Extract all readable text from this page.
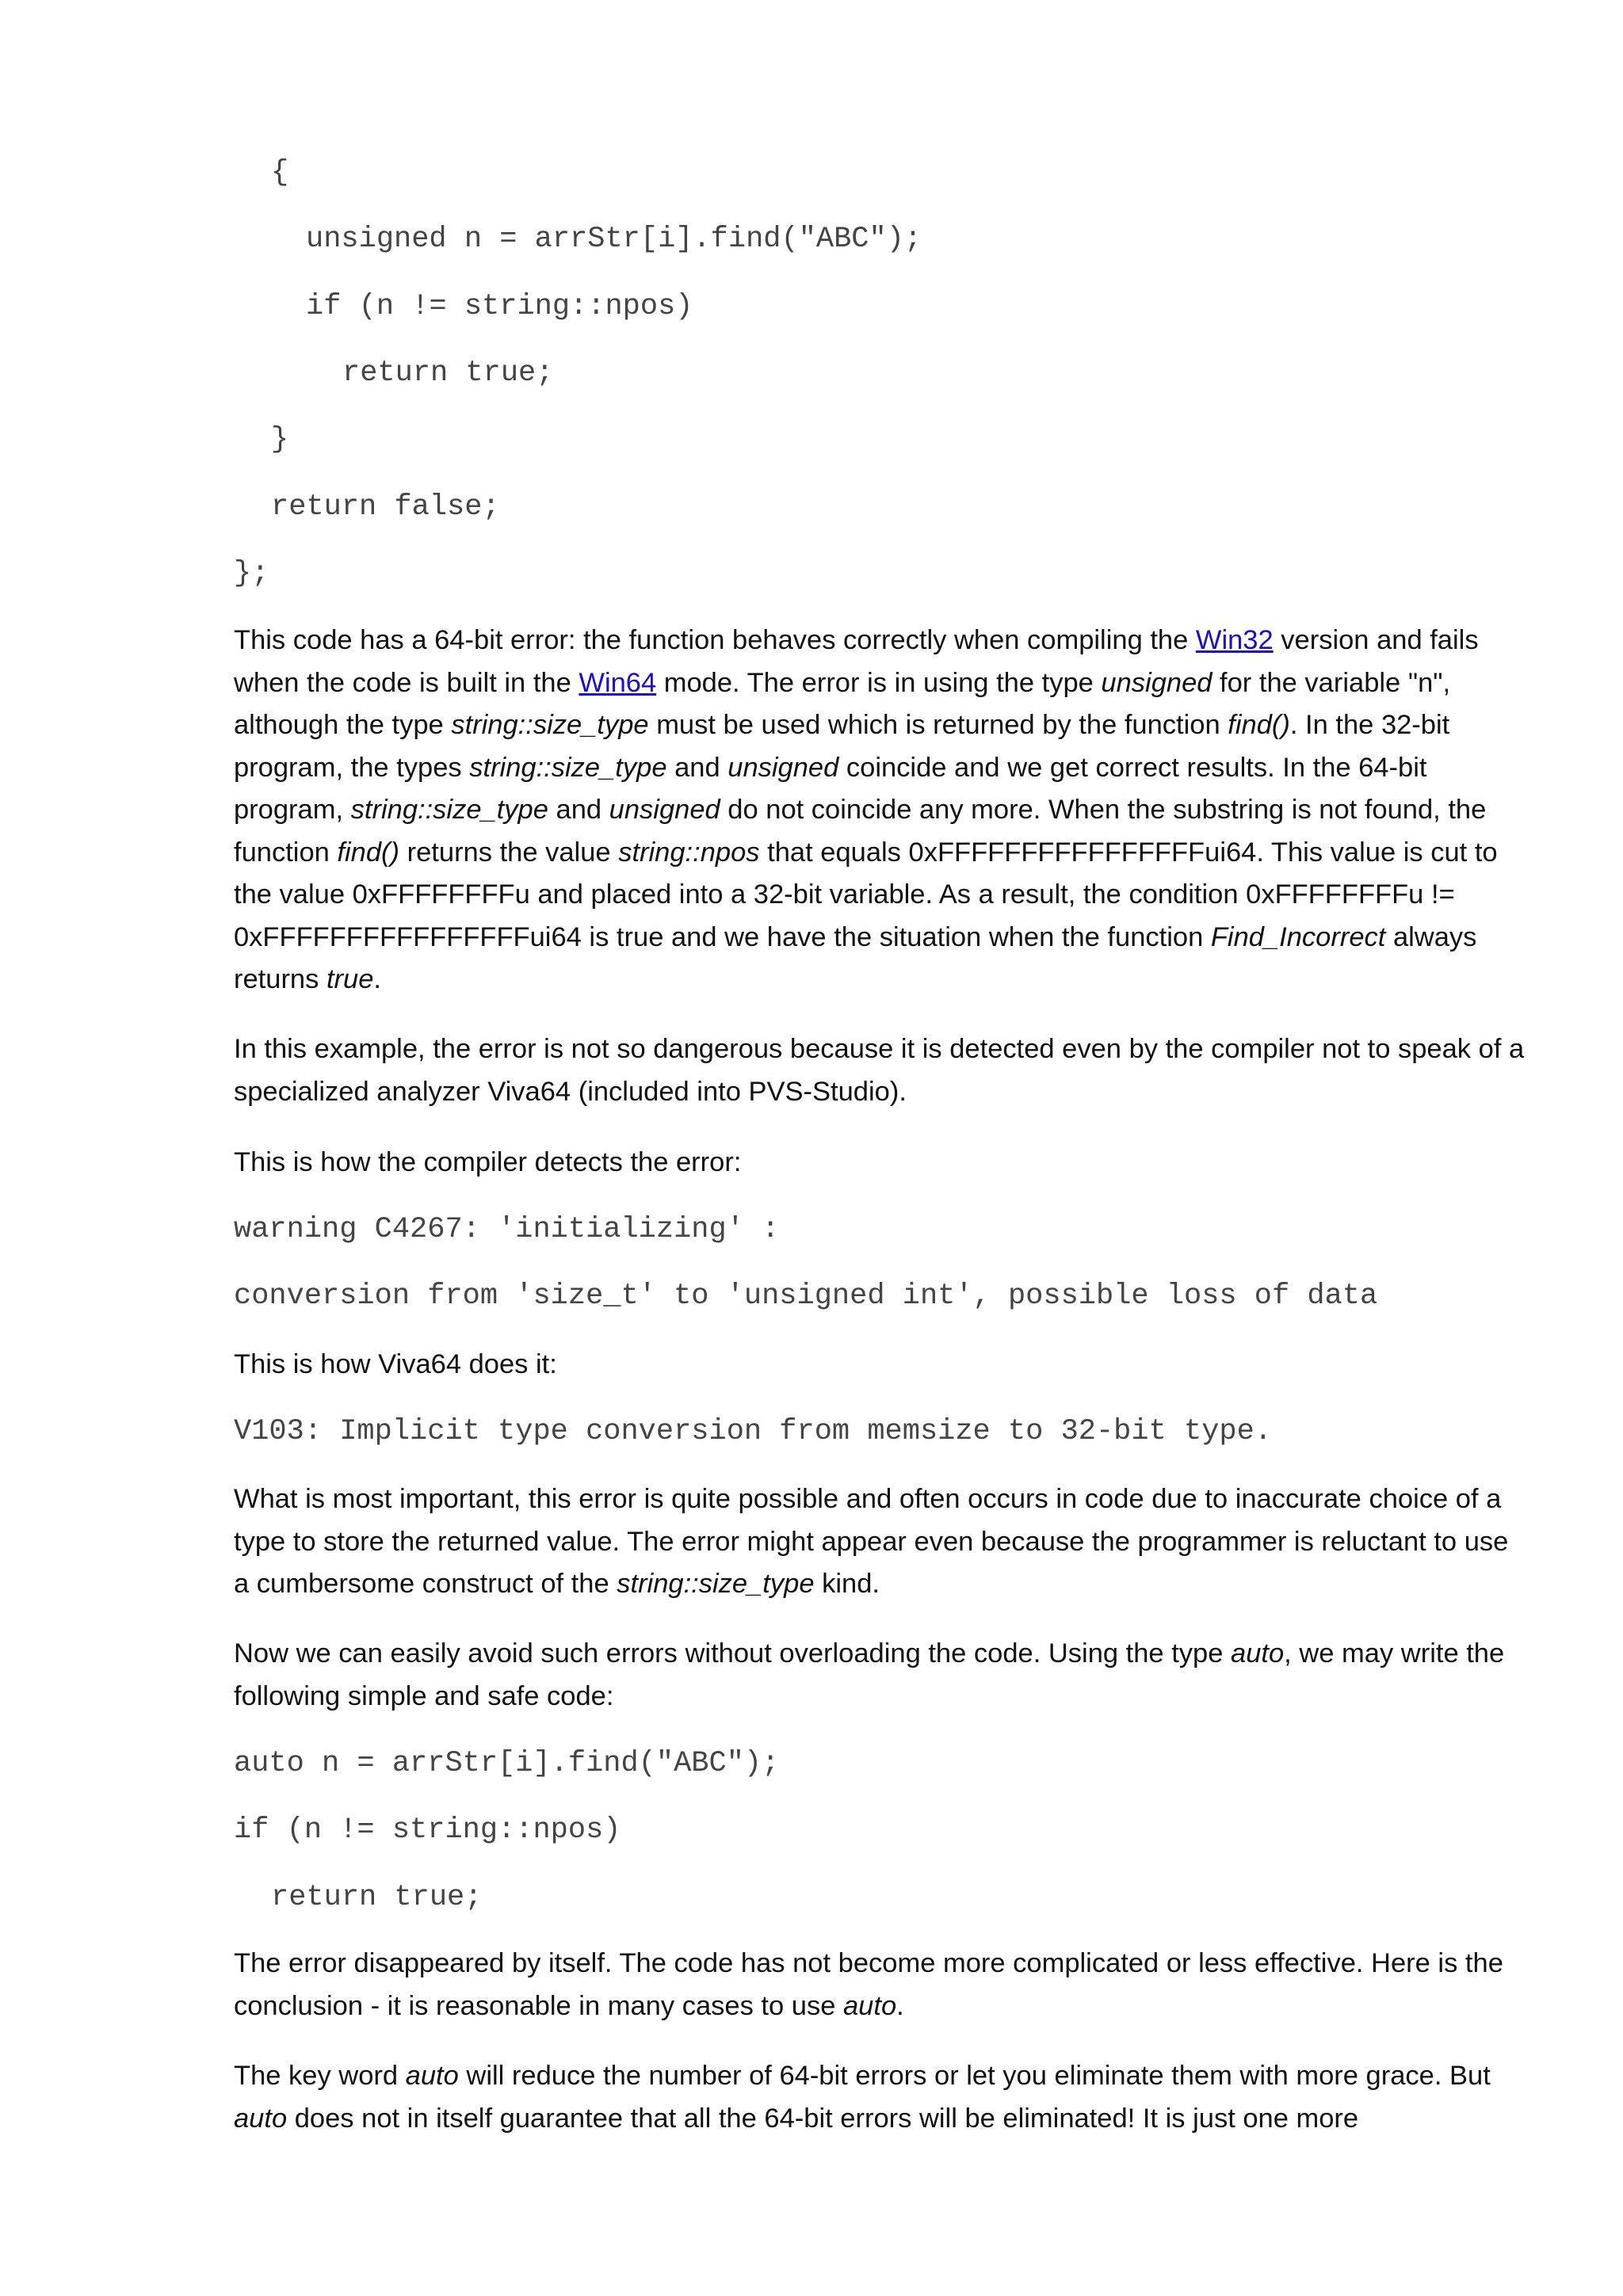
{
unsigned n = arrStr[i].find("ABC");
if (n != string::npos)
return true;
}
return false;
};

This code has a 64-bit error: the function behaves correctly when compiling the Win32 version and fails when the code is built in the Win64 mode. The error is in using the type unsigned for the variable "n", although the type string::size_type must be used which is returned by the function find(). In the 32-bit program, the types string::size_type and unsigned coincide and we get correct results. In the 64-bit program, string::size_type and unsigned do not coincide any more. When the substring is not found, the function find() returns the value string::npos that equals 0xFFFFFFFFFFFFFFFFui64. This value is cut to the value 0xFFFFFFFFu and placed into a 32-bit variable. As a result, the condition 0xFFFFFFFFu != 0xFFFFFFFFFFFFFFFFui64 is true and we have the situation when the function Find_Incorrect always returns true.

In this example, the error is not so dangerous because it is detected even by the compiler not to speak of a specialized analyzer Viva64 (included into PVS-Studio).

This is how the compiler detects the error:

warning C4267: 'initializing' :
conversion from 'size_t' to 'unsigned int', possible loss of data

This is how Viva64 does it:

V103: Implicit type conversion from memsize to 32-bit type.

What is most important, this error is quite possible and often occurs in code due to inaccurate choice of a type to store the returned value. The error might appear even because the programmer is reluctant to use a cumbersome construct of the string::size_type kind.

Now we can easily avoid such errors without overloading the code. Using the type auto, we may write the following simple and safe code:

auto n = arrStr[i].find("ABC");
if (n != string::npos)
return true;

The error disappeared by itself. The code has not become more complicated or less effective. Here is the conclusion - it is reasonable in many cases to use auto.

The key word auto will reduce the number of 64-bit errors or let you eliminate them with more grace. But auto does not in itself guarantee that all the 64-bit errors will be eliminated! It is just one more
